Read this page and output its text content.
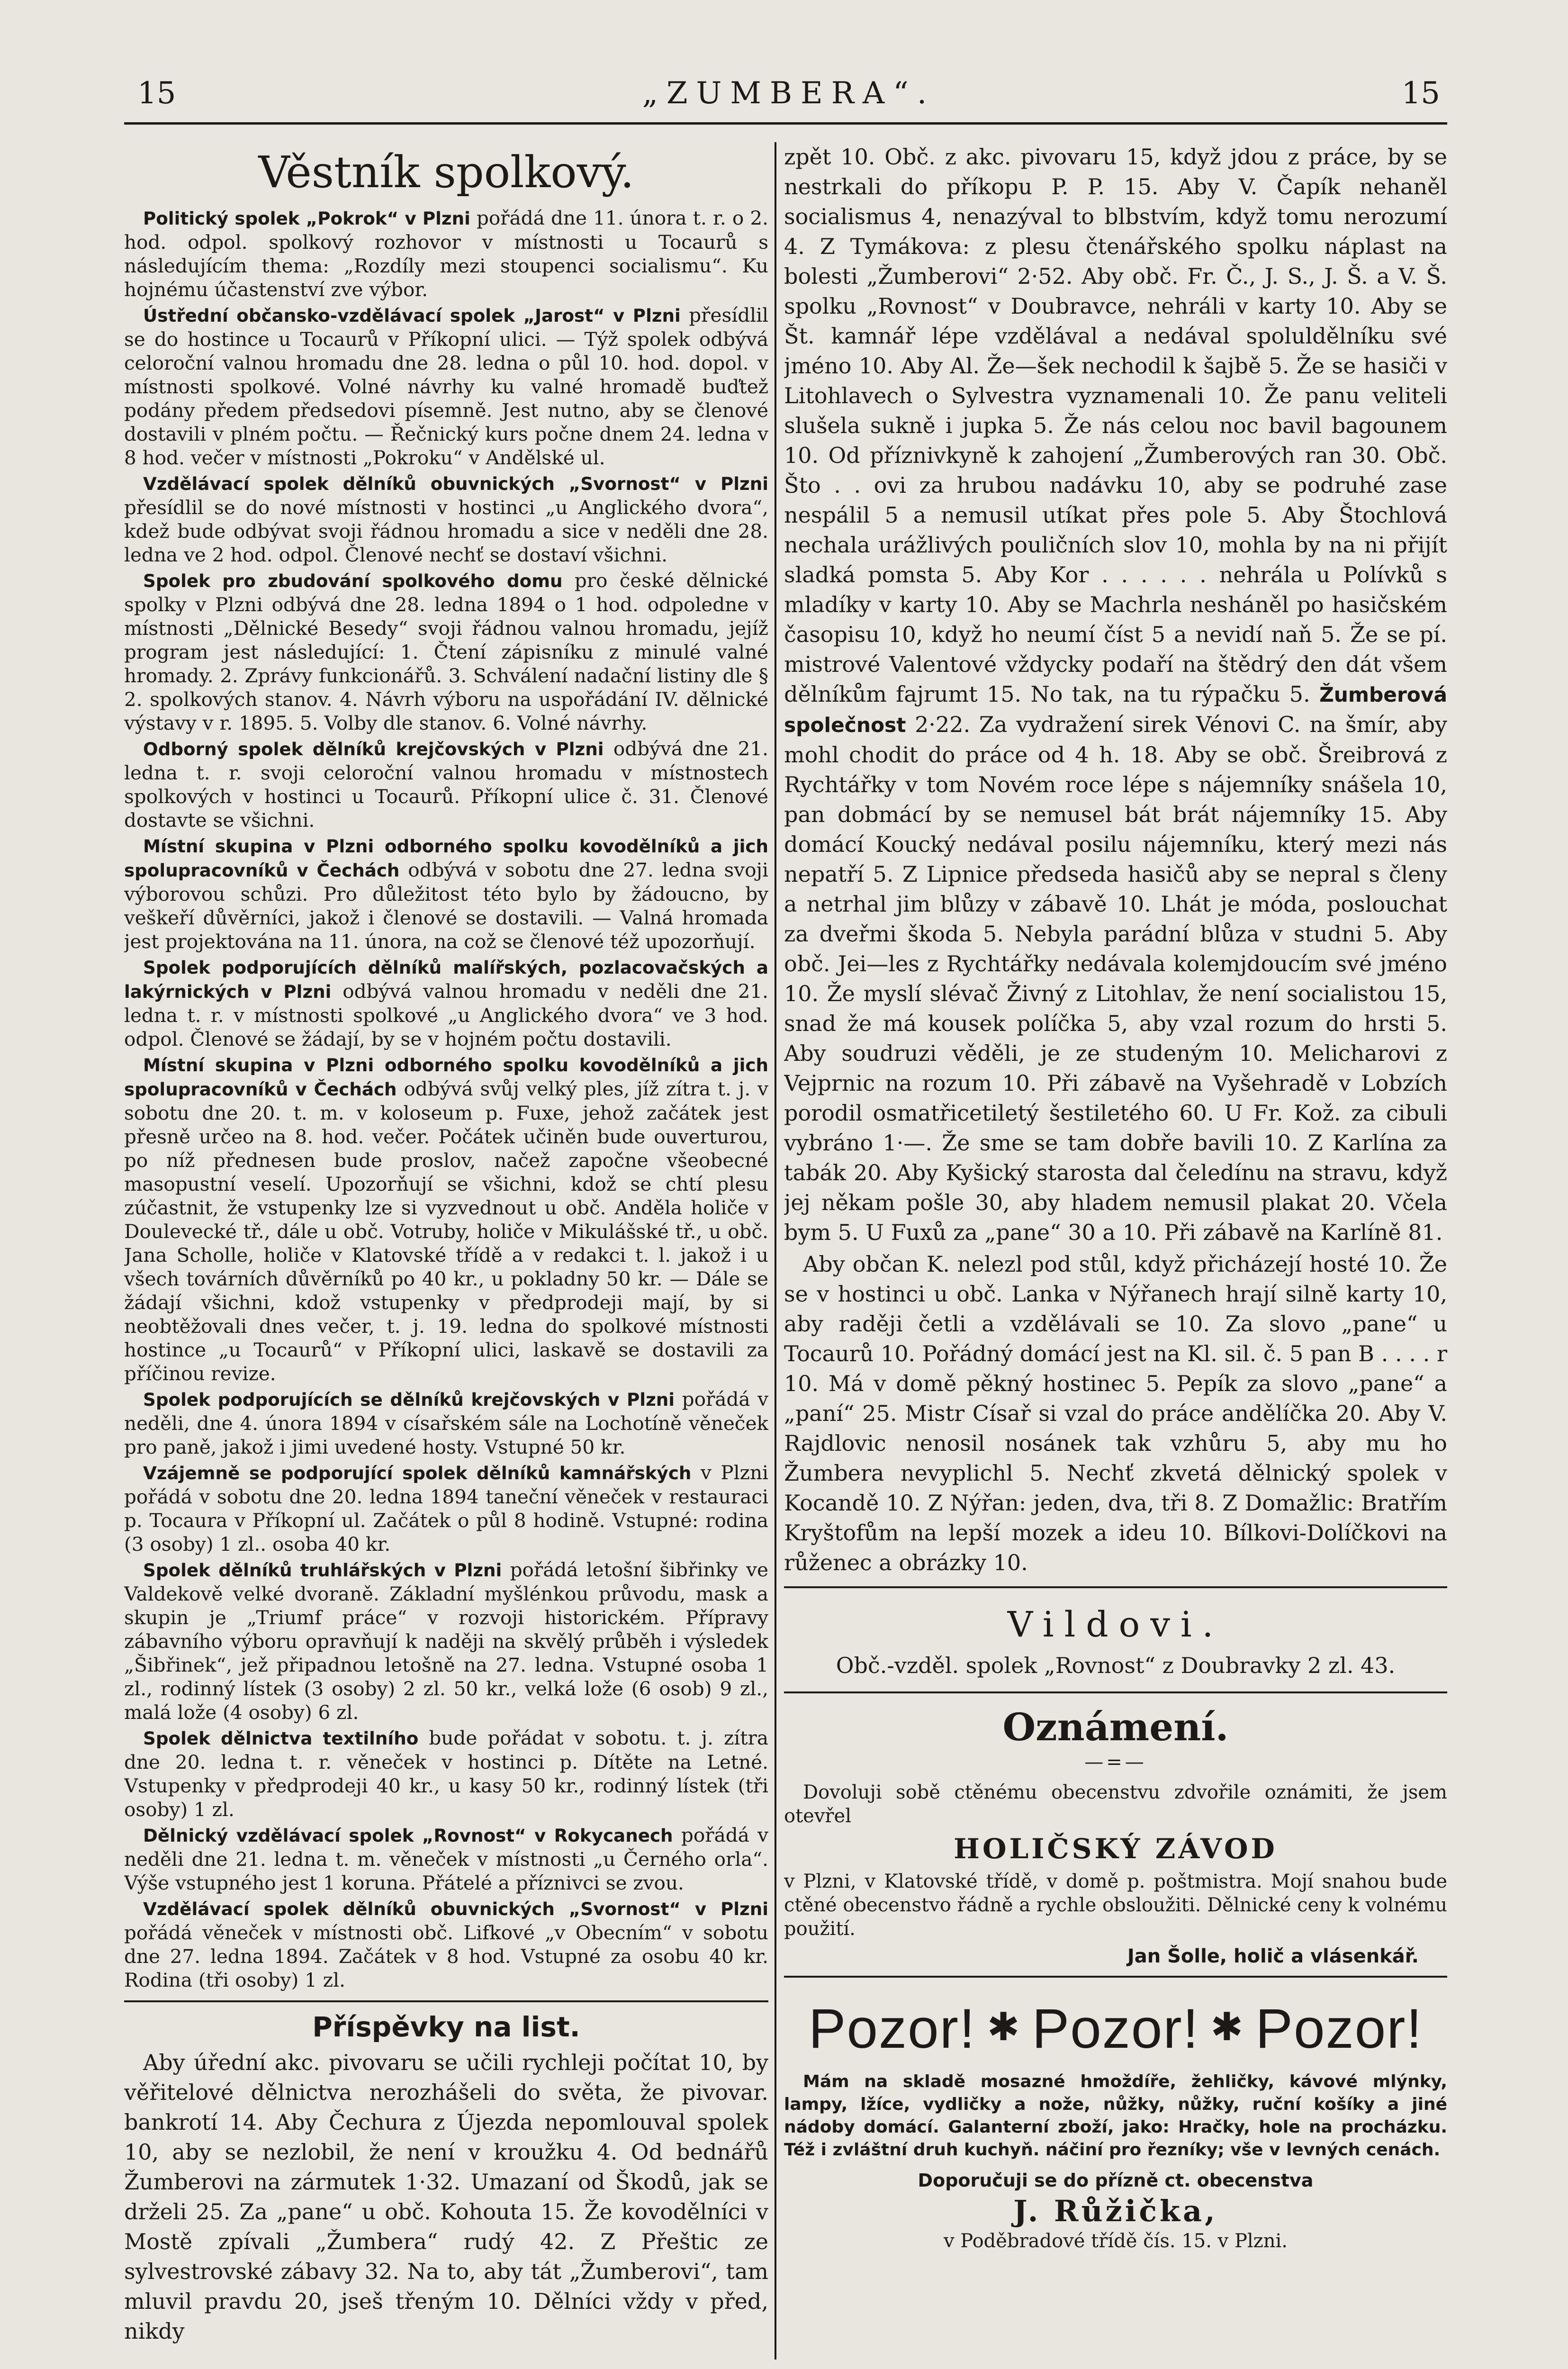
15	„ZUMBERA“.	15
Věstník spolkový.
Politický spolek „Pokrok“ v Plzni pořádá dne 11. února t. r. o 2. hod. odpol. spolkový rozhovor v místnosti u Tocaurů s následujícím thema: „Rozdíly mezi stoupenci socialismu“. Ku hojnému účastenství zve výbor.
Ústřední občansko-vzdělávací spolek „Jarost“ v Plzni přesídlil se do hostince u Tocaurů v Příkopní ulici. — Týž spolek odbývá celoroční valnou hromadu dne 28. ledna o půl 10. hod. dopol. v místnosti spolkové. Volné návrhy ku valné hromadě buďtež podány předem předsedovi písemně. Jest nutno, aby se členové dostavili v plném počtu. — Řečnický kurs počne dnem 24. ledna v 8 hod. večer v místnosti „Pokroku“ v Andělské ul.
Vzdělávací spolek dělníků obuvnických „Svornost“ v Plzni přesídlil se do nové místnosti v hostinci „u Anglického dvora“, kdež bude odbývat svoji řádnou hromadu a sice v neděli dne 28. ledna ve 2 hod. odpol. Členové nechť se dostaví všichni.
Spolek pro zbudování spolkového domu pro české dělnické spolky v Plzni odbývá dne 28. ledna 1894 o 1 hod. odpoledne v místnosti „Dělnické Besedy“ svoji řádnou valnou hromadu, jejíž program jest následující: 1. Čtení zápisníku z minulé valné hromady. 2. Zprávy funkcionářů. 3. Schválení nadační listiny dle § 2. spolkových stanov. 4. Návrh výboru na uspořádání IV. dělnické výstavy v r. 1895. 5. Volby dle stanov. 6. Volné návrhy.
Odborný spolek dělníků krejčovských v Plzni odbývá dne 21. ledna t. r. svoji celoroční valnou hromadu v místnostech spolkových v hostinci u Tocaurů. Příkopní ulice č. 31. Členové dostavte se všichni.
Místní skupina v Plzni odborného spolku kovodělníků a jich spolupracovníků v Čechách odbývá v sobotu dne 27. ledna svoji výborovou schůzi. Pro důležitost této bylo by žádoucno, by veškeří důvěrníci, jakož i členové se dostavili. — Valná hromada jest projektována na 11. února, na což se členové též upozorňují.
Spolek podporujících dělníků malířských, pozlacovačských a lakýrnických v Plzni odbývá valnou hromadu v neděli dne 21. ledna t. r. v místnosti spolkové „u Anglického dvora“ ve 3 hod. odpol. Členové se žádají, by se v hojném počtu dostavili.
Místní skupina v Plzni odborného spolku kovodělníků a jich spolupracovníků v Čechách odbývá svůj velký ples, jíž zítra t. j. v sobotu dne 20. t. m. v koloseum p. Fuxe, jehož začátek jest přesně určeo na 8. hod. večer. Počátek učiněn bude ouverturou, po níž přednesen bude proslov, načež započne všeobecné masopustní veselí. Upozorňují se všichni, kdož se chtí plesu zúčastnit, že vstupenky lze si vyzvednout u obč. Anděla holiče v Doulevecké tř., dále u obč. Votruby, holiče v Mikulášské tř., u obč. Jana Scholle, holiče v Klatovské třídě a v redakci t. l. jakož i u všech továrních důvěrníků po 40 kr., u pokladny 50 kr. — Dále se žádají všichni, kdož vstupenky v předprodeji mají, by si neobtěžovali dnes večer, t. j. 19. ledna do spolkové místnosti hostince „u Tocaurů“ v Příkopní ulici, laskavě se dostavili za příčinou revize.
Spolek podporujících se dělníků krejčovských v Plzni pořádá v neděli, dne 4. února 1894 v císařském sále na Lochotíně věneček pro paně, jakož i jimi uvedené hosty. Vstupné 50 kr.
Vzájemně se podporující spolek dělníků kamnářských v Plzni pořádá v sobotu dne 20. ledna 1894 taneční věneček v restauraci p. Tocaura v Příkopní ul. Začátek o půl 8 hodině. Vstupné: rodina (3 osoby) 1 zl.. osoba 40 kr.
Spolek dělníků truhlářských v Plzni pořádá letošní šibřinky ve Valdekově velké dvoraně. Základní myšlénkou průvodu, mask a skupin je „Triumf práce“ v rozvoji historickém. Přípravy zábavního výboru opravňují k naději na skvělý průběh i výsledek „Šibřinek“, jež připadnou letošně na 27. ledna. Vstupné osoba 1 zl., rodinný lístek (3 osoby) 2 zl. 50 kr., velká lože (6 osob) 9 zl., malá lože (4 osoby) 6 zl.
Spolek dělnictva textilního bude pořádat v sobotu. t. j. zítra dne 20. ledna t. r. věneček v hostinci p. Dítěte na Letné. Vstupenky v předprodeji 40 kr., u kasy 50 kr., rodinný lístek (tři osoby) 1 zl.
Dělnický vzdělávací spolek „Rovnost“ v Rokycanech pořádá v neděli dne 21. ledna t. m. věneček v místnosti „u Černého orla“. Výše vstupného jest 1 koruna. Přátelé a příznivci se zvou.
Vzdělávací spolek dělníků obuvnických „Svornost“ v Plzni pořádá věneček v místnosti obč. Lifkové „v Obecním“ v sobotu dne 27. ledna 1894. Začátek v 8 hod. Vstupné za osobu 40 kr. Rodina (tři osoby) 1 zl.
Příspěvky na list.
Aby úřední akc. pivovaru se učili rychleji počítat 10, by věřitelové dělnictva nerozhášeli do světa, že pivovar. bankrotí 14. Aby Čechura z Újezda nepomlouval spolek 10, aby se nezlobil, že není v kroužku 4. Od bednářů Žumberovi na zármutek 1·32. Umazaní od Škodů, jak se drželi 25. Za „pane“ u obč. Kohouta 15. Že kovodělníci v Mostě zpívali „Žumbera“ rudý 42. Z Přeštic ze sylvestrovské zábavy 32. Na to, aby tát „Žumberovi“, tam mluvil pravdu 20, jseš třeným 10. Dělníci vždy v před, nikdy
zpět 10. Obč. z akc. pivovaru 15, když jdou z práce, by se nestrkali do příkopu P. P. 15. Aby V. Čapík nehaněl socialismus 4, nenazýval to blbstvím, když tomu nerozumí 4. Z Tymákova: z plesu čtenářského spolku náplast na bolesti „Žumberovi“ 2·52. Aby obč. Fr. Č., J. S., J. Š. a V. Š. spolku „Rovnost“ v Doubravce, nehráli v karty 10. Aby se Št. kamnář lépe vzdělával a nedával spoluldělníku své jméno 10. Aby Al. Že—šek nechodil k šajbě 5. Že se hasiči v Litohlavech o Sylvestra vyznamenali 10. Že panu veliteli slušela sukně i jupka 5. Že nás celou noc bavil bagounem 10. Od příznivkyně k zahojení „Žumberových ran 30. Obč. Što . . ovi za hrubou nadávku 10, aby se podruhé zase nespálil 5 a nemusil utíkat přes pole 5. Aby Štochlová nechala urážlivých pouličních slov 10, mohla by na ni přijít sladká pomsta 5. Aby Kor . . . . . . nehrála u Polívků s mladíky v karty 10. Aby se Machrla nesháněl po hasičském časopisu 10, když ho neumí číst 5 a nevidí naň 5. Že se pí. mistrové Valentové vždycky podaří na štědrý den dát všem dělníkům fajrumt 15. No tak, na tu rýpačku 5. Žumberová společnost 2·22. Za vydražení sirek Vénovi C. na šmír, aby mohl chodit do práce od 4 h. 18. Aby se obč. Šreibrová z Rychtářky v tom Novém roce lépe s nájemníky snášela 10, pan dobmácí by se nemusel bát brát nájemníky 15. Aby domácí Koucký nedával posilu nájemníku, který mezi nás nepatří 5. Z Lipnice předseda hasičů aby se nepral s členy a netrhal jim blůzy v zábavě 10. Lhát je móda, poslouchat za dveřmi škoda 5. Nebyla parádní blůza v studni 5. Aby obč. Jei—les z Rychtářky nedávala kolemjdoucím své jméno 10. Že myslí slévač Živný z Litohlav, že není socialistou 15, snad že má kousek políčka 5, aby vzal rozum do hrsti 5. Aby soudruzi věděli, je ze studeným 10. Melicharovi z Vejprnic na rozum 10. Při zábavě na Vyšehradě v Lobzích porodil osmatřicetiletý šestiletého 60. U Fr. Kož. za cibuli vybráno 1·—. Že sme se tam dobře bavili 10. Z Karlína za tabák 20. Aby Kyšický starosta dal čeledínu na stravu, když jej někam pošle 30, aby hladem nemusil plakat 20. Včela bym 5. U Fuxů za „pane“ 30 a 10. Při zábavě na Karlíně 81.
Aby občan K. nelezl pod stůl, když přicházejí hosté 10. Že se v hostinci u obč. Lanka v Nýřanech hrají silně karty 10, aby raději četli a vzdělávali se 10. Za slovo „pane“ u Tocaurů 10. Pořádný domácí jest na Kl. sil. č. 5 pan B . . . . r 10. Má v domě pěkný hostinec 5. Pepík za slovo „pane“ a „paní“ 25. Mistr Císař si vzal do práce andělíčka 20. Aby V. Rajdlovic nenosil nosánek tak vzhůru 5, aby mu ho Žumbera nevyplichl 5. Nechť zkvetá dělnický spolek v Kocandě 10. Z Nýřan: jeden, dva, tři 8. Z Domažlic: Bratřím Kryštofům na lepší mozek a ideu 10. Bílkovi-Dolíčkovi na růženec a obrázky 10.
Vildovi.
Obč.-vzděl. spolek „Rovnost“ z Doubravky 2 zl. 43.
Oznámení.
—=—
Dovoluji sobě ctěnému obecenstvu zdvořile oznámiti, že jsem otevřel
HOLIČSKÝ ZÁVOD
v Plzni, v Klatovské třídě, v domě p. poštmistra. Mojí snahou bude ctěné obecenstvo řádně a rychle obsloužiti. Dělnické ceny k volnému použití.
Jan Šolle, holič a vlásenkář.
Pozor! ✱ Pozor! ✱ Pozor!
Mám na skladě mosazné hmoždíře, žehličky, kávové mlýnky, lampy, lžíce, vydličky a nože, nůžky, nůžky, ruční košíky a jiné nádoby domácí. Galanterní zboží, jako: Hračky, hole na procházku. Též i zvláštní druh kuchyň. náčiní pro řezníky; vše v levných cenách.
Doporučuji se do přízně ct. obecenstva
J. Růžička,
v Poděbradové třídě čís. 15. v Plzni.
